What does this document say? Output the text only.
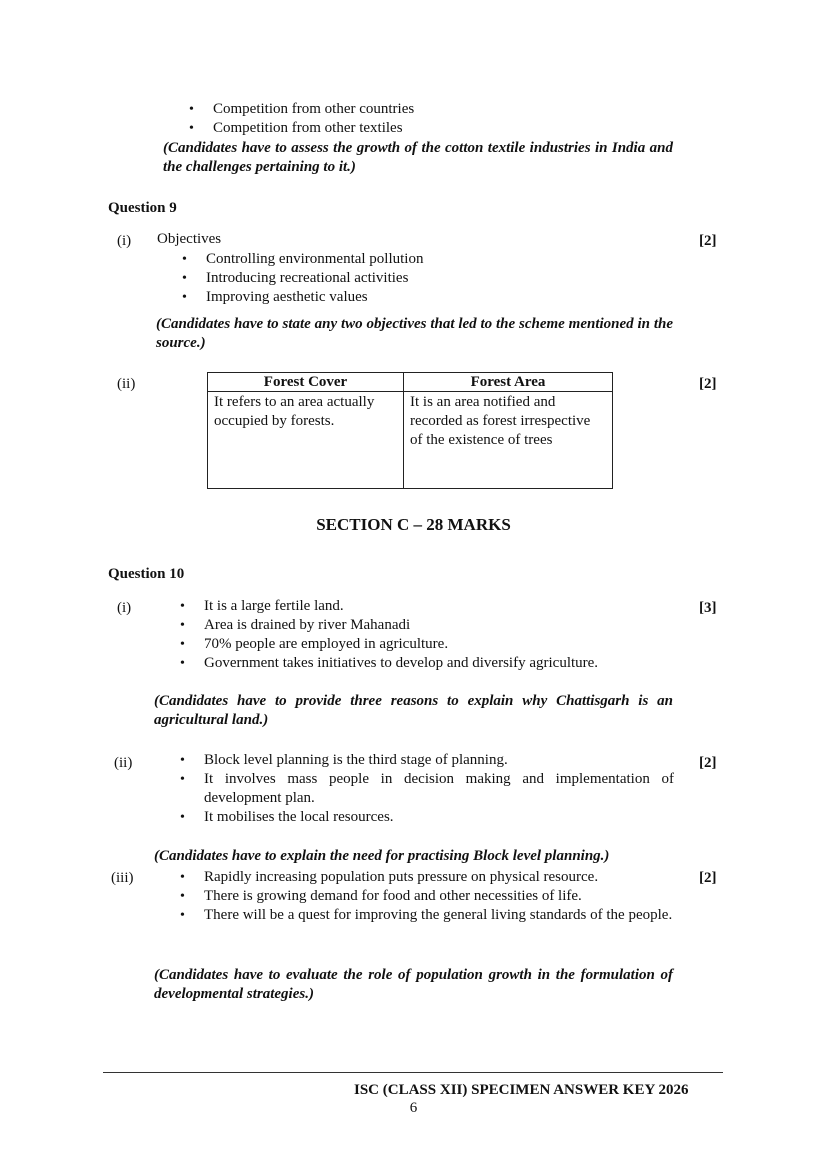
• Competition from other countries
• Competition from other textiles
(Candidates have to assess the growth of the cotton textile industries in India and the challenges pertaining to it.)
Question 9
(i) Objectives	[2]
• Controlling environmental pollution
• Introducing recreational activities
• Improving aesthetic values
(Candidates have to state any two objectives that led to the scheme mentioned in the source.)
(ii)	[2]
Forest Cover	Forest Area
It refers to an area actually occupied by forests.	It is an area notified and recorded as forest irrespective of the existence of trees
SECTION C – 28 MARKS
Question 10
(i)	[3]
• It is a large fertile land.
• Area is drained by river Mahanadi
• 70% people are employed in agriculture.
• Government takes initiatives to develop and diversify agriculture.
(Candidates have to provide three reasons to explain why Chattisgarh is an agricultural land.)
(ii)	[2]
• Block level planning is the third stage of planning.
• It involves mass people in decision making and implementation of development plan.
• It mobilises the local resources.
(Candidates have to explain the need for practising Block level planning.)
(iii)	[2]
• Rapidly increasing population puts pressure on physical resource.
• There is growing demand for food and other necessities of life.
• There will be a quest for improving the general living standards of the people.
(Candidates have to evaluate the role of population growth in the formulation of developmental strategies.)
ISC (CLASS XII) SPECIMEN ANSWER KEY 2026
6
